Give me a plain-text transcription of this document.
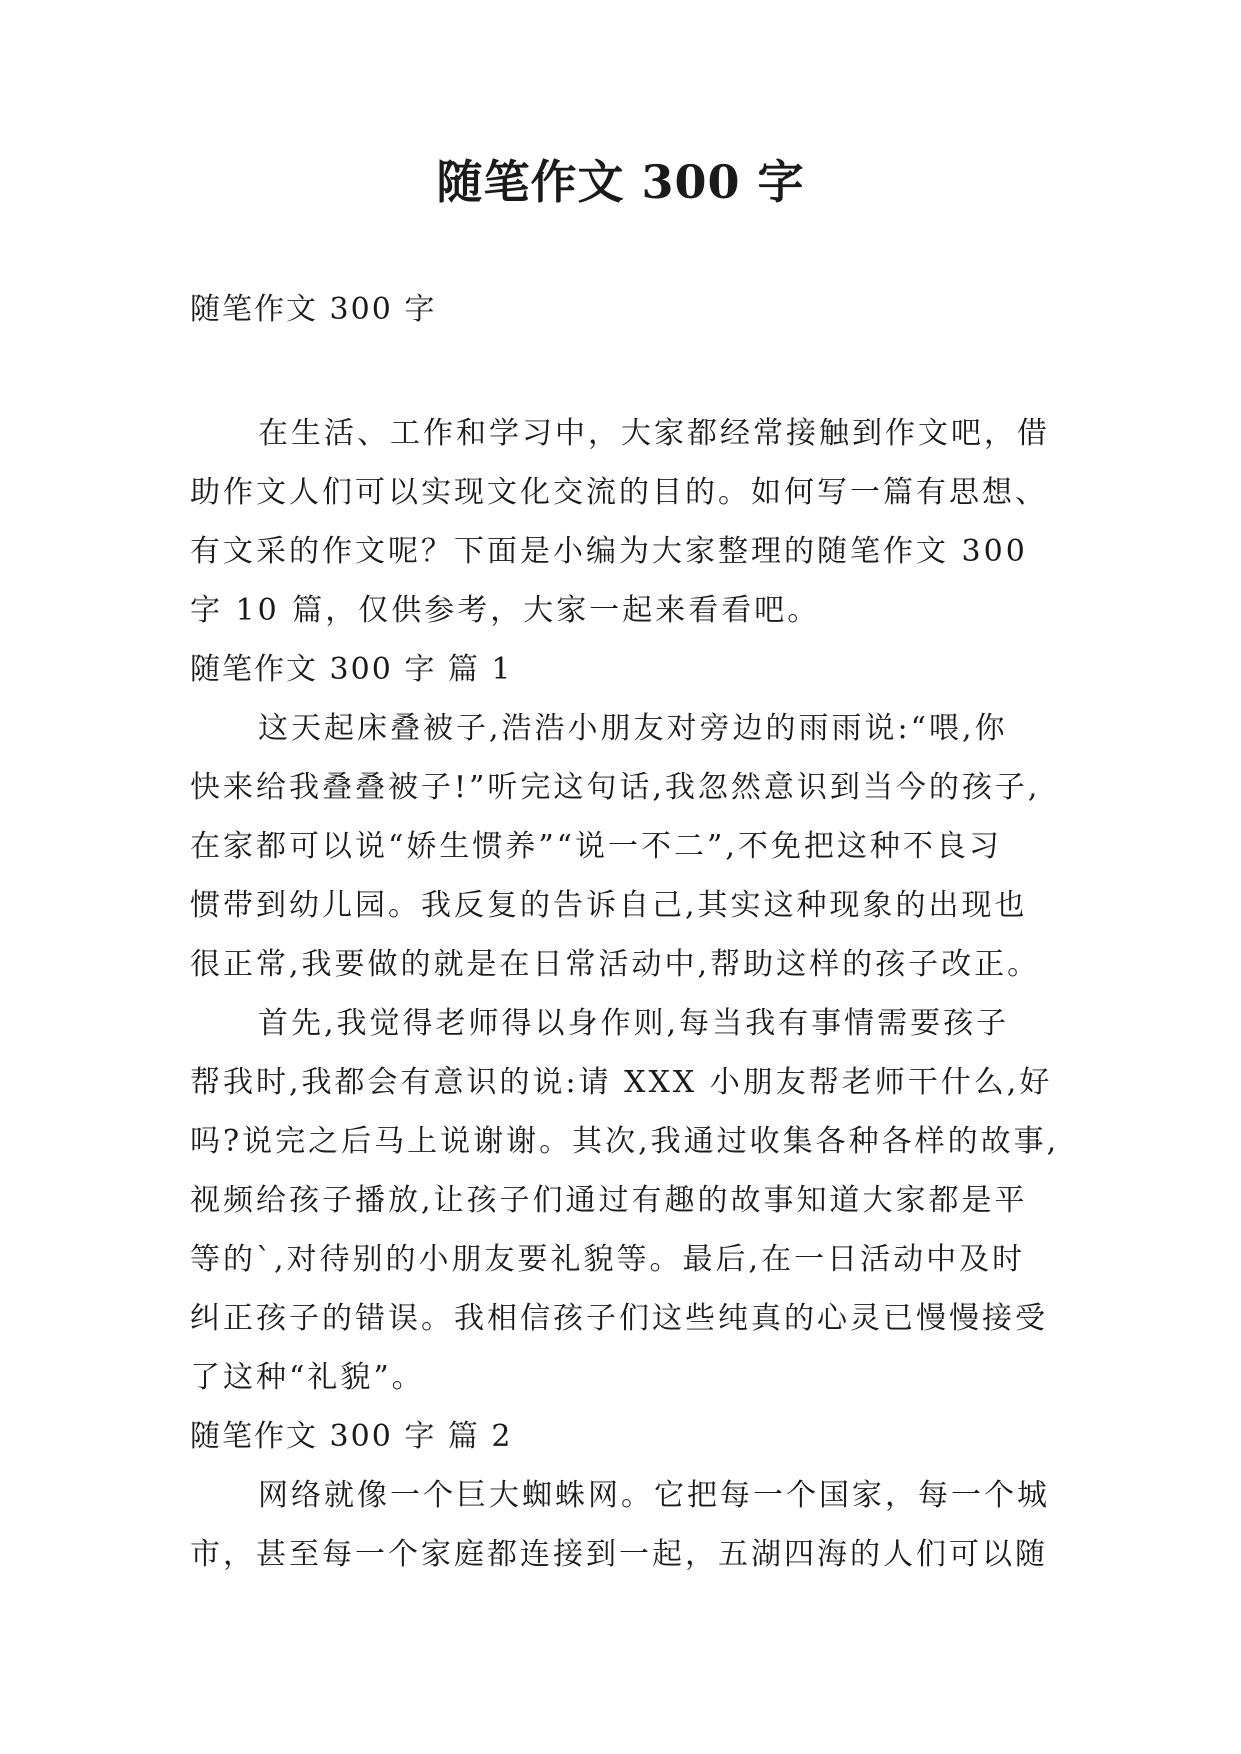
随笔作文 300 字

随笔作文 300 字

在生活、工作和学习中，大家都经常接触到作文吧，借
助作文人们可以实现文化交流的目的。如何写一篇有思想、
有文采的作文呢？下面是小编为大家整理的随笔作文 300
字 10 篇，仅供参考，大家一起来看看吧。
随笔作文 300 字 篇 1
这天起床叠被子,浩浩小朋友对旁边的雨雨说:“喂,你
快来给我叠叠被子!”听完这句话,我忽然意识到当今的孩子,
在家都可以说“娇生惯养”“说一不二”,不免把这种不良习
惯带到幼儿园。我反复的告诉自己,其实这种现象的出现也
很正常,我要做的就是在日常活动中,帮助这样的孩子改正。
首先,我觉得老师得以身作则,每当我有事情需要孩子
帮我时,我都会有意识的说:请 XXX 小朋友帮老师干什么,好
吗?说完之后马上说谢谢。其次,我通过收集各种各样的故事,
视频给孩子播放,让孩子们通过有趣的故事知道大家都是平
等的`,对待别的小朋友要礼貌等。最后,在一日活动中及时
纠正孩子的错误。我相信孩子们这些纯真的心灵已慢慢接受
了这种“礼貌”。
随笔作文 300 字 篇 2
网络就像一个巨大蜘蛛网。它把每一个国家，每一个城
市，甚至每一个家庭都连接到一起，五湖四海的人们可以随
